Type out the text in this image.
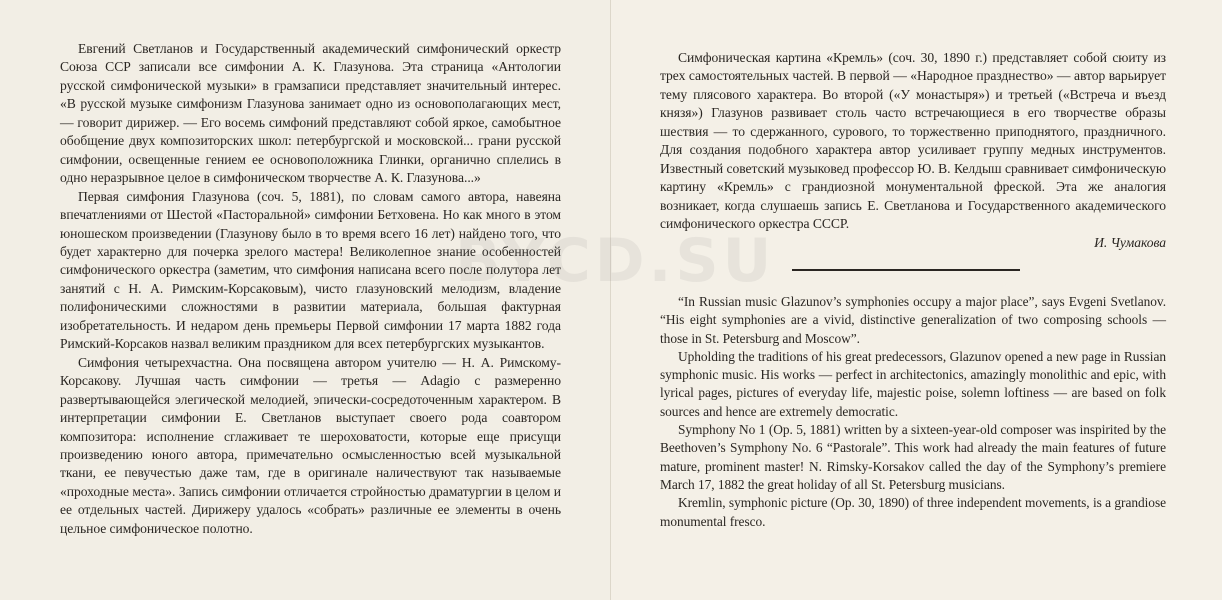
Евгений Светланов и Государственный академический симфонический оркестр Союза ССР записали все симфонии А. К. Глазунова. Эта страница «Антологии русской симфонической музыки» в грамзаписи представляет значительный интерес. «В русской музыке симфонизм Глазунова занимает одно из основополагающих мест, — говорит дирижер. — Его восемь симфоний представляют собой яркое, самобытное обобщение двух композиторских школ: петербургской и московской... грани русской симфонии, освещенные гением ее основоположника Глинки, органично сплелись в одно неразрывное целое в симфоническом творчестве А. К. Глазунова...»

Первая симфония Глазунова (соч. 5, 1881), по словам самого автора, навеяна впечатлениями от Шестой «Пасторальной» симфонии Бетховена. Но как много в этом юношеском произведении (Глазунову было в то время всего 16 лет) найдено того, что будет характерно для почерка зрелого мастера! Великолепное знание особенностей симфонического оркестра (заметим, что симфония написана всего после полутора лет занятий с Н. А. Римским-Корсаковым), чисто глазуновский мелодизм, владение полифоническими сложностями в развитии материала, большая фактурная изобретательность. И недаром день премьеры Первой симфонии 17 марта 1882 года Римский-Корсаков назвал великим праздником для всех петербургских музыкантов.

Симфония четырехчастна. Она посвящена автором учителю — Н. А. Римскому-Корсакову. Лучшая часть симфонии — третья — Adagio с размеренно развертывающейся элегической мелодией, эпически-сосредоточенным характером. В интерпретации симфонии Е. Светланов выступает своего рода соавтором композитора: исполнение сглаживает те шероховатости, которые еще присущи произведению юного автора, примечательно осмысленностью всей музыкальной ткани, ее певучестью даже там, где в оригинале наличествуют так называемые «проходные места». Запись симфонии отличается стройностью драматургии в целом и ее отдельных частей. Дирижеру удалось «собрать» различные ее элементы в очень цельное симфоническое полотно.

Симфоническая картина «Кремль» (соч. 30, 1890 г.) представляет собой сюиту из трех самостоятельных частей. В первой — «Народное празднество» — автор варьирует тему плясового характера. Во второй («У монастыря») и третьей («Встреча и въезд князя») Глазунов развивает столь часто встречающиеся в его творчестве образы шествия — то сдержанного, сурового, то торжественно приподнятого, праздничного. Для создания подобного характера автор усиливает группу медных инструментов. Известный советский музыковед профессор Ю. В. Келдыш сравнивает симфоническую картину «Кремль» с грандиозной монументальной фреской. Эта же аналогия возникает, когда слушаешь запись Е. Светланова и Государственного академического симфонического оркестра СССР.

И. Чумакова

“In Russian music Glazunov’s symphonies occupy a major place”, says Evgeni Svetlanov. “His eight symphonies are a vivid, distinctive generalization of two composing schools — those in St. Petersburg and Moscow”.

Upholding the traditions of his great predecessors, Glazunov opened a new page in Russian symphonic music. His works — perfect in architectonics, amazingly monolithic and epic, with lyrical pages, pictures of everyday life, majestic poise, solemn loftiness — are based on folk sources and hence are extremely democratic.

Symphony No 1 (Op. 5, 1881) written by a sixteen-year-old composer was inspirited by the Beethoven’s Symphony No. 6 “Pastorale”. This work had already the main features of future mature, prominent master! N. Rimsky-Korsakov called the day of the Symphony’s premiere March 17, 1882 the great holiday of all St. Petersburg musicians.

Kremlin, symphonic picture (Op. 30, 1890) of three independent movements, is a grandiose monumental fresco.
